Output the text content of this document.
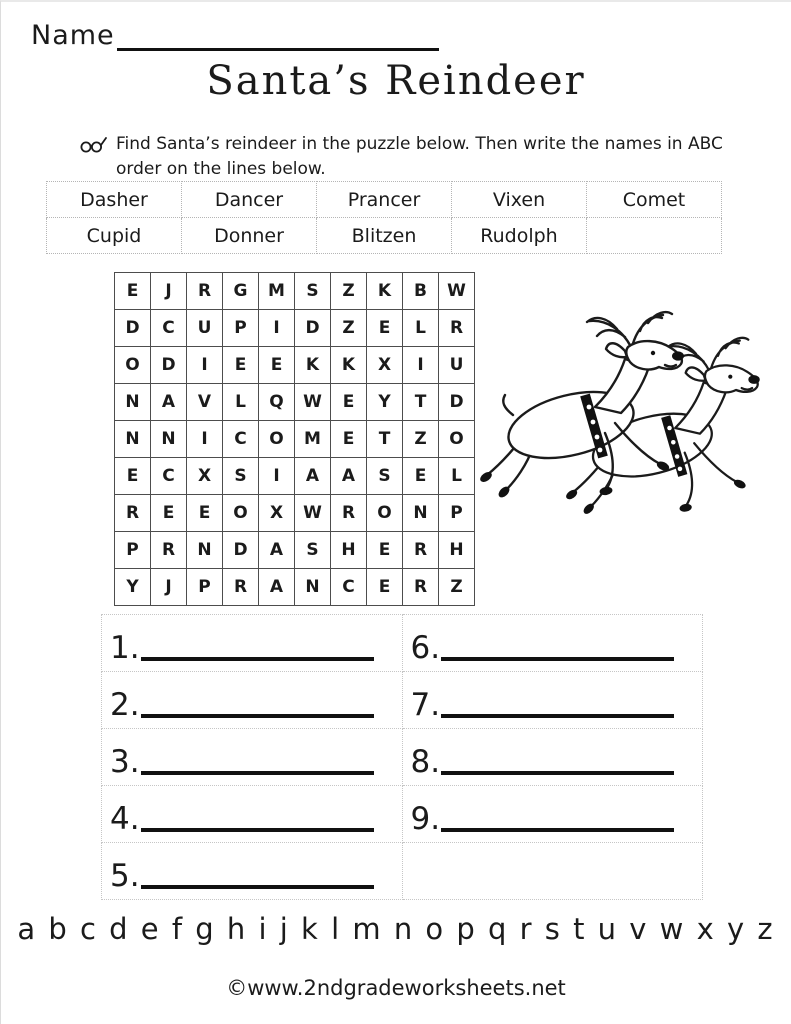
Name
Santa’s Reindeer
Find Santa’s reindeer in the puzzle below. Then write the names in ABC order on the lines below.
Dasher	Dancer	Prancer	Vixen	Comet
Cupid	Donner	Blitzen	Rudolph	
E	J	R	G	M	S	Z	K	B	W
D	C	U	P	I	D	Z	E	L	R
O	D	I	E	E	K	K	X	I	U
N	A	V	L	Q	W	E	Y	T	D
N	N	I	C	O	M	E	T	Z	O
E	C	X	S	I	A	A	S	E	L
R	E	E	O	X	W	R	O	N	P
P	R	N	D	A	S	H	E	R	H
Y	J	P	R	A	N	C	E	R	Z
1.	6.

2.	7.

3.	8.

4.	9.

5.	

a b c d e f g h i j k l m n o p q r s t u v w x y z
©www.2ndgradeworksheets.net
